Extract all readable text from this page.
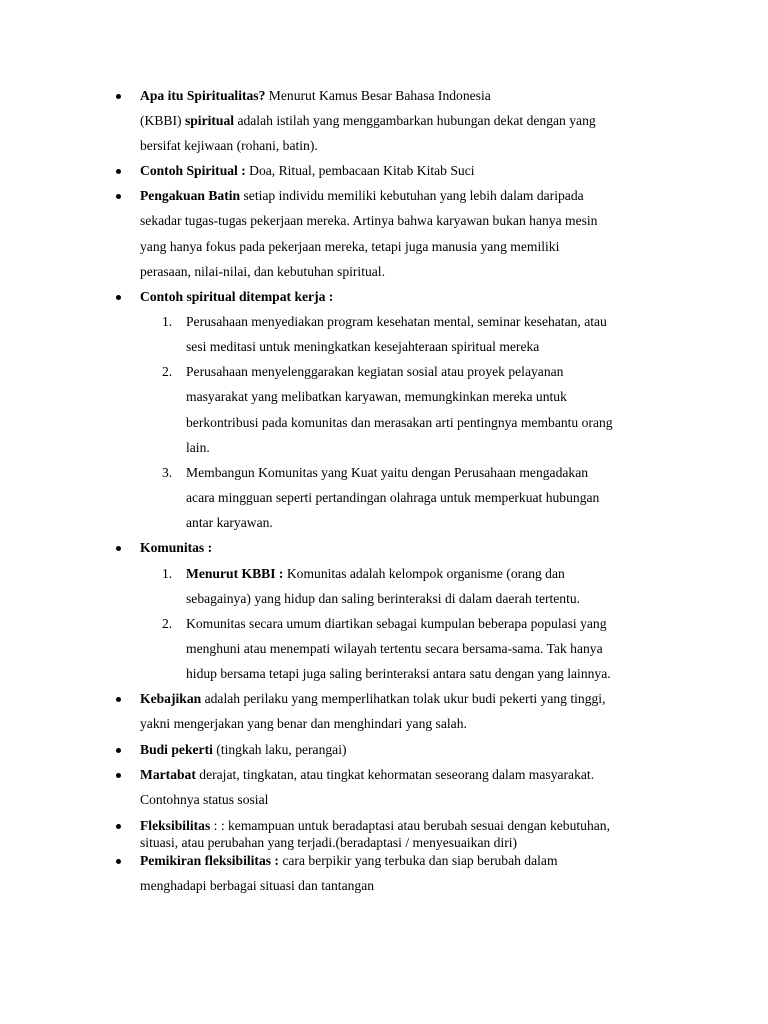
Apa itu Spiritualitas? Menurut Kamus Besar Bahasa Indonesia
(KBBI) spiritual adalah istilah yang menggambarkan hubungan dekat dengan yang
bersifat kejiwaan (rohani, batin).
Contoh Spiritual : Doa, Ritual, pembacaan Kitab Kitab Suci
Pengakuan Batin setiap individu memiliki kebutuhan yang lebih dalam daripada
sekadar tugas-tugas pekerjaan mereka. Artinya bahwa karyawan bukan hanya mesin
yang hanya fokus pada pekerjaan mereka, tetapi juga manusia yang memiliki
perasaan, nilai-nilai, dan kebutuhan spiritual.
Contoh spiritual ditempat kerja :
1. Perusahaan menyediakan program kesehatan mental, seminar kesehatan, atau
sesi meditasi untuk meningkatkan kesejahteraan spiritual mereka
2. Perusahaan menyelenggarakan kegiatan sosial atau proyek pelayanan
masyarakat yang melibatkan karyawan, memungkinkan mereka untuk
berkontribusi pada komunitas dan merasakan arti pentingnya membantu orang
lain.
3. Membangun Komunitas yang Kuat yaitu dengan Perusahaan mengadakan
acara mingguan seperti pertandingan olahraga untuk memperkuat hubungan
antar karyawan.
Komunitas :
1. Menurut KBBI : Komunitas adalah kelompok organisme (orang dan
sebagainya) yang hidup dan saling berinteraksi di dalam daerah tertentu.
2. Komunitas secara umum diartikan sebagai kumpulan beberapa populasi yang
menghuni atau menempati wilayah tertentu secara bersama-sama. Tak hanya
hidup bersama tetapi juga saling berinteraksi antara satu dengan yang lainnya.
Kebajikan adalah perilaku yang memperlihatkan tolak ukur budi pekerti yang tinggi,
yakni mengerjakan yang benar dan menghindari yang salah.
Budi pekerti (tingkah laku, perangai)
Martabat derajat, tingkatan, atau tingkat kehormatan seseorang dalam masyarakat.
Contohnya status sosial
Fleksibilitas : : kemampuan untuk beradaptasi atau berubah sesuai dengan kebutuhan,
situasi, atau perubahan yang terjadi.(beradaptasi / menyesuaikan diri)
Pemikiran fleksibilitas : cara berpikir yang terbuka dan siap berubah dalam
menghadapi berbagai situasi dan tantangan
